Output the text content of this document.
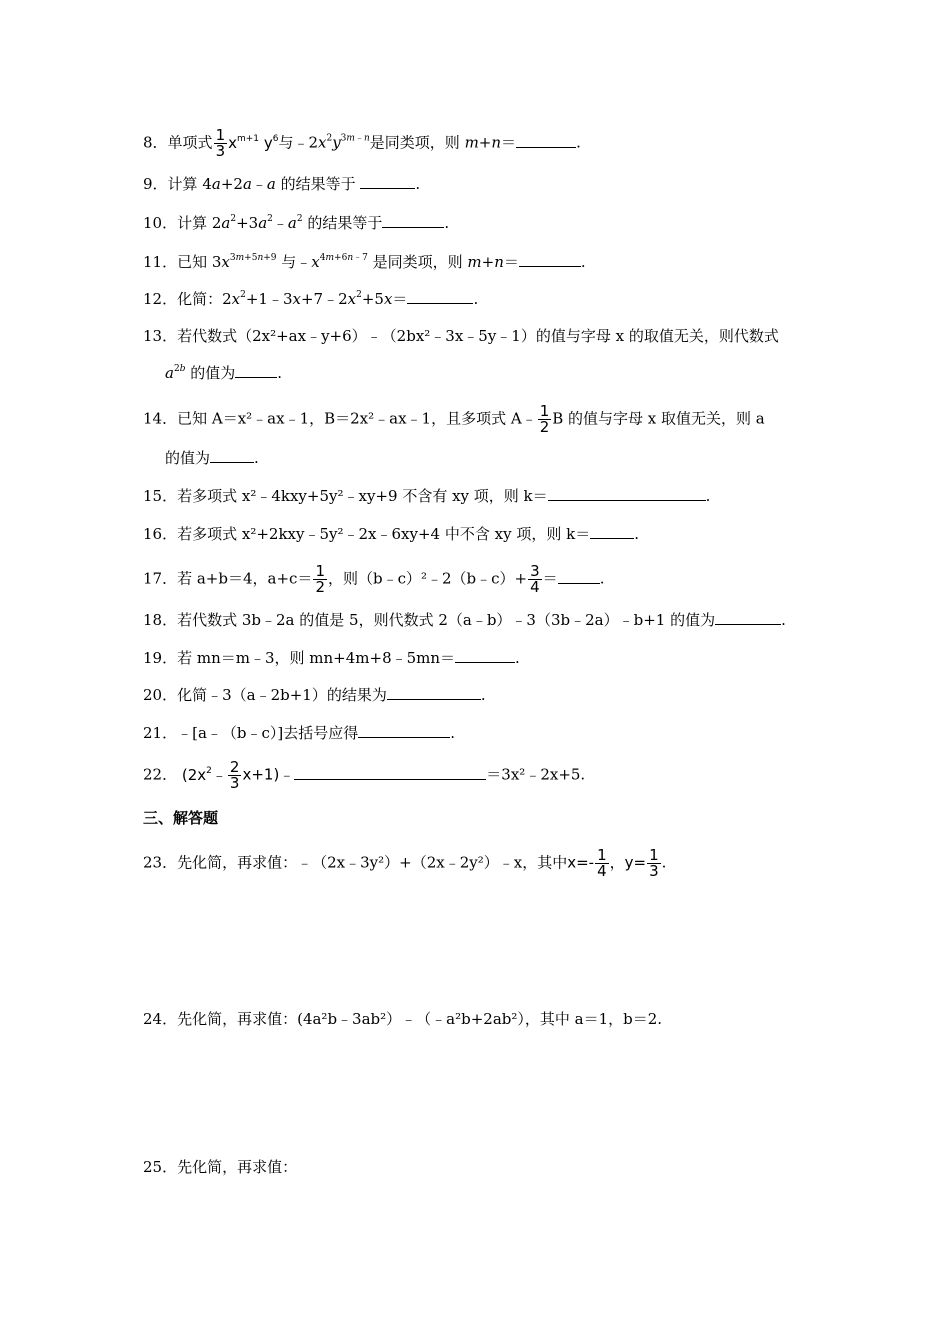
8．单项式 $\frac{1}{3} x^{m+1}$ $y^6$与$﹣2x^2y^{3m﹣n}$是同类项，则 m+n＝	.
9．计算 4a+2a﹣a 的结果等于	.
10．计算 $2a^2+3a^2﹣a^2$ 的结果等于	.
11．已知 $3x^{3m+5n+9}$ 与$﹣x^{4m+6n﹣7}$ 是同类项，则 m+n＝	.
12．化简：$2x^2+1﹣3x+7﹣2x^2+5x=$	.
13．若代数式（2x²+ax﹣y+6）﹣（2bx²﹣3x﹣5y﹣1）的值与字母 x 的取值无关，则代数式
$a^{2b}$ 的值为	.
14．已知 A＝x²﹣ax﹣1，B＝2x²﹣ax﹣1，且多项式 A﹣ $\frac{1}{2}$ B 的值与字母 x 取值无关，则 a
的值为	.
15．若多项式 x²﹣4kxy+5y²﹣xy+9 不含有 xy 项，则 k＝	.
16．若多项式 x²+2kxy﹣5y²﹣2x﹣6xy+4 中不含 xy 项，则 k＝	.
17．若 a+b＝4，$a+c= \frac{1}{2}$ ，则（b﹣c）²﹣2（b﹣c）+ $\frac{3}{4}$ ＝	.
18．若代数式 3b﹣2a 的值是 5，则代数式 2（a﹣b）﹣3（3b﹣2a）﹣b+1 的值为	.
19．若 mn＝m﹣3，则 mn+4m+8﹣5mn＝	.
20．化简﹣3（a﹣2b+1）的结果为	.
21．﹣[a﹣（b﹣c）]去括号应得	.
22． ($2x^2﹣ \frac{2}{3}$ x+1)﹣	＝3x²﹣2x+5.
三、解答题
23．先化简，再求值：﹣（2x﹣3y²）+（2x﹣2y²）﹣x，其中$x=- \frac{1}{4}$ ，$y= \frac{1}{3}$ .
24．先化简，再求值：(4a²b﹣3ab²）﹣（﹣a²b+2ab²），其中 a＝1，b＝2.
25．先化简，再求值：
